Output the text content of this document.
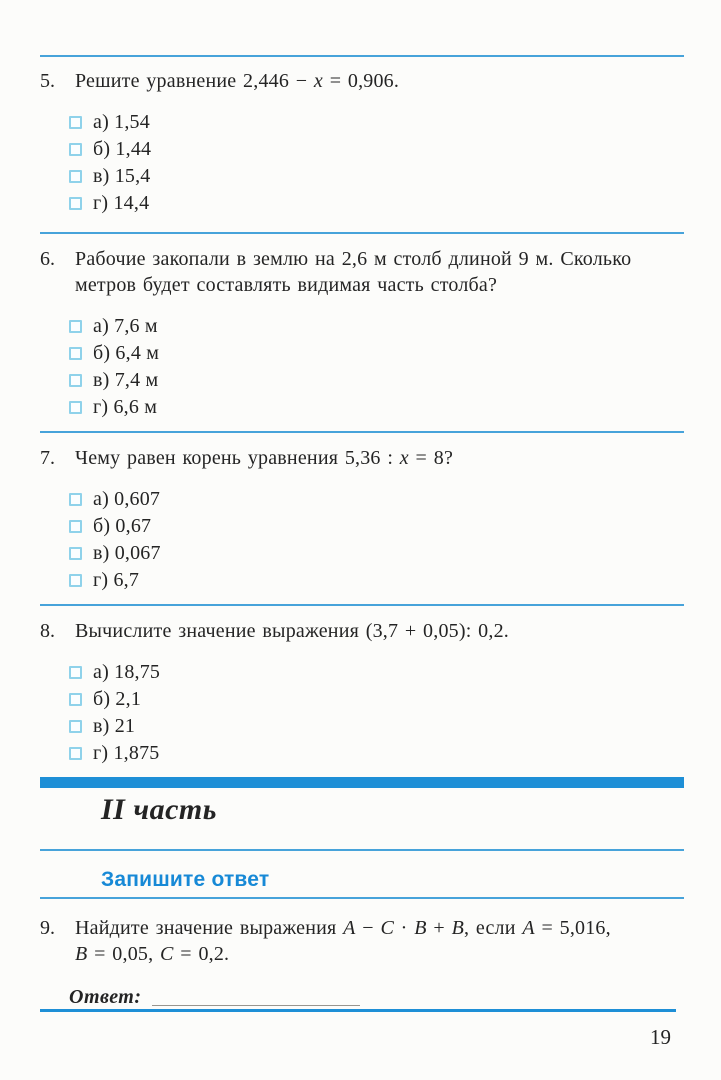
5.	Решите уравнение 2,446 − x = 0,906.
а) 1,54
б) 1,44
в) 15,4
г) 14,4
6.	Рабочие закопали в землю на 2,6 м столб длиной 9 м. Сколько
метров будет составлять видимая часть столба?
а) 7,6 м
б) 6,4 м
в) 7,4 м
г) 6,6 м
7.	Чему равен корень уравнения 5,36 : x = 8?
а) 0,607
б) 0,67
в) 0,067
г) 6,7
8.	Вычислите значение выражения (3,7 + 0,05): 0,2.
а) 18,75
б) 2,1
в) 21
г) 1,875
II часть
Запишите ответ
9.	Найдите значение выражения A − C · B + B, если A = 5,016,
B = 0,05, C = 0,2.
Ответ:
19
